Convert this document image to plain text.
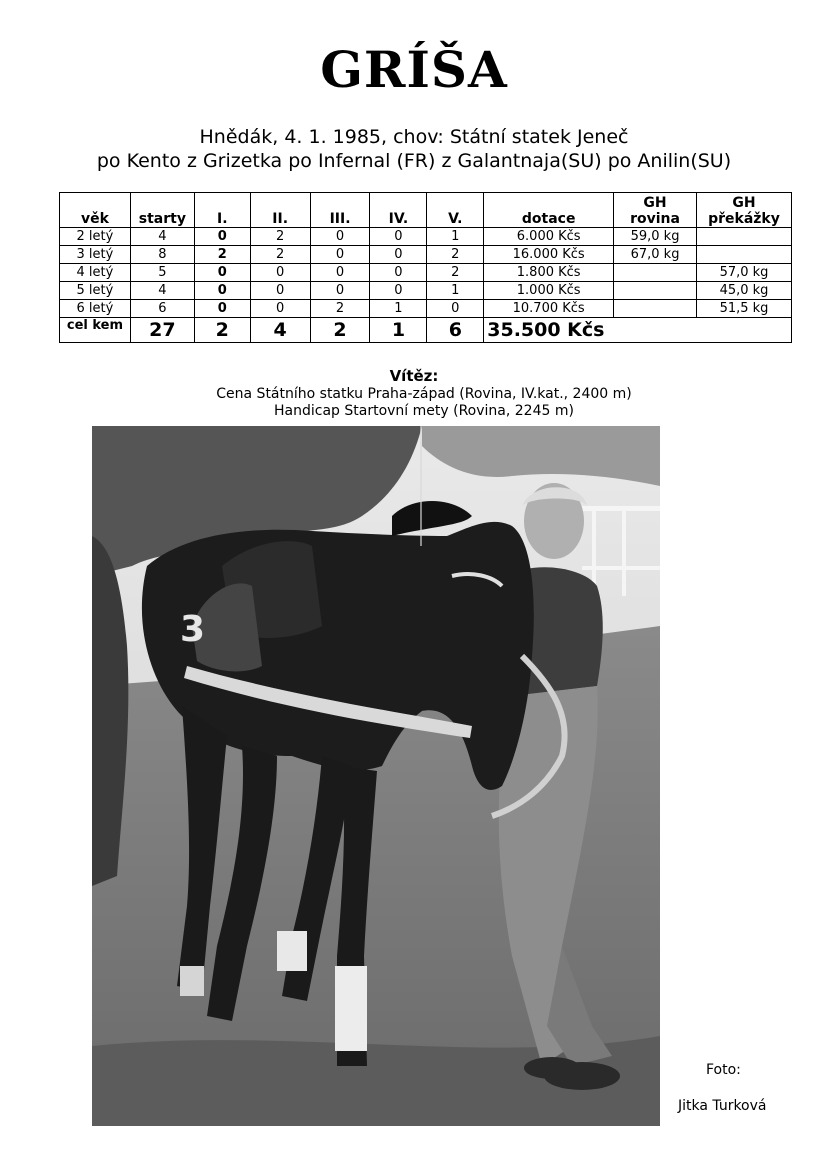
GRÍŠA
Hnědák, 4. 1. 1985, chov: Státní statek Jeneč
po Kento z Grizetka po Infernal (FR) z Galantnaja(SU) po Anilin(SU)
věk	starty	I.	II.	III.	IV.	V.	dotace	GH rovina	GH překážky
2 letý	4	0	2	0	0	1	6.000 Kčs	59,0 kg	
3 letý	8	2	2	0	0	2	16.000 Kčs	67,0 kg	
4 letý	5	0	0	0	0	2	1.800 Kčs		57,0 kg
5 letý	4	0	0	0	0	1	1.000 Kčs		45,0 kg
6 letý	6	0	0	2	1	0	10.700 Kčs		51,5 kg
cel kem	27	2	4	2	1	6	35.500 Kčs		
Vítěz:
Cena Státního statku Praha-západ (Rovina, IV.kat., 2400 m)
Handicap Startovní mety (Rovina, 2245 m)
3
Foto:
Jitka Turková
